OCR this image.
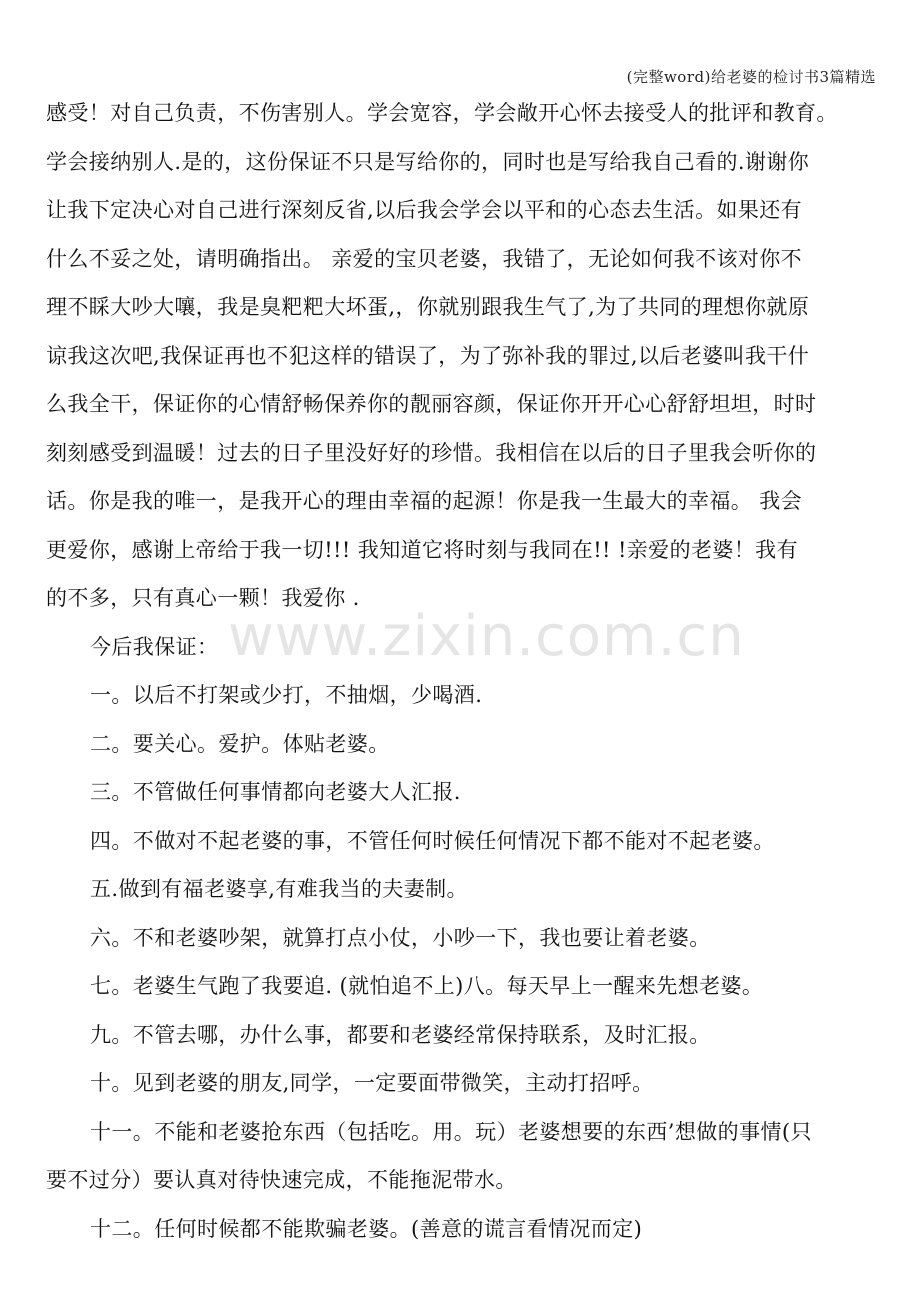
(完整word)给老婆的检讨书3篇精选
www.zixin.com.cn
感受！对自己负责，不伤害别人。学会宽容，学会敞开心怀去接受人的批评和教育。
学会接纳别人.是的，这份保证不只是写给你的，同时也是写给我自己看的.谢谢你
让我下定决心对自己进行深刻反省,以后我会学会以平和的心态去生活。如果还有
什么不妥之处，请明确指出。 亲爱的宝贝老婆，我错了，无论如何我不该对你不
理不睬大吵大嚷，我是臭粑粑大坏蛋,，你就别跟我生气了,为了共同的理想你就原
谅我这次吧,我保证再也不犯这样的错误了，为了弥补我的罪过,以后老婆叫我干什
么我全干，保证你的心情舒畅保养你的靓丽容颜，保证你开开心心舒舒坦坦，时时
刻刻感受到温暖！过去的日子里没好好的珍惜。我相信在以后的日子里我会听你的
话。你是我的唯一，是我开心的理由幸福的起源！你是我一生最大的幸福。 我会
更爱你，感谢上帝给于我一切!!! 我知道它将时刻与我同在!! !亲爱的老婆！我有
的不多，只有真心一颗！我爱你 .
今后我保证：
一。以后不打架或少打，不抽烟，少喝酒.
二。要关心。爱护。体贴老婆。
三。不管做任何事情都向老婆大人汇报.
四。不做对不起老婆的事，不管任何时候任何情况下都不能对不起老婆。
五.做到有福老婆享,有难我当的夫妻制。
六。不和老婆吵架，就算打点小仗，小吵一下，我也要让着老婆。
七。老婆生气跑了我要追. (就怕追不上)八。每天早上一醒来先想老婆。
九。不管去哪，办什么事，都要和老婆经常保持联系，及时汇报。
十。见到老婆的朋友,同学，一定要面带微笑，主动打招呼。
十一。不能和老婆抢东西（包括吃。用。玩）老婆想要的东西’想做的事情(只
要不过分）要认真对待快速完成，不能拖泥带水。
十二。任何时候都不能欺骗老婆。(善意的谎言看情况而定)
